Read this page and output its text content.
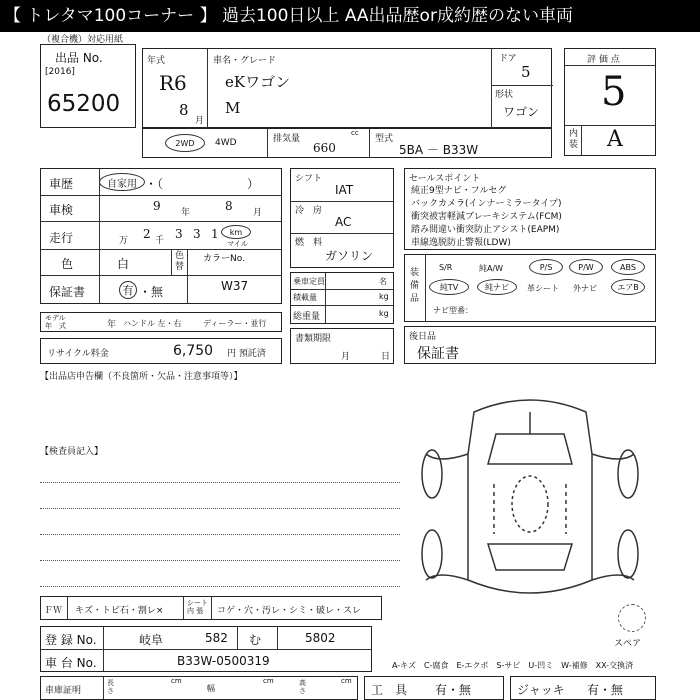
【 トレタマ100コーナー 】 過去100日以上 AA出品歴or成約歴のない車両
（複合機）対応用紙
出品 No.
[2016]
65200
年式
R6
8
月
車名・グレード
eKワゴン
M
ドア
5
形状
ワゴン
評 価 点
5
内
装 A
2WD 4WD	排気量
cc
660
型式
5BA － B33W
車歴	自家用 ・（　　　　　　　）
車検	9 年	8 月
走行	万 2 千 3 3 1 km
マイル
色	白
色
替
カラーNo.
W37
保証書	有 ・無
モデル
年　式	年 ハンドル 左・右	ディーラー・並行
リサイクル料金	6,750 円 預託済
シフト
IAT
冷　房
AC
燃　料
ガソリン
乗車定員	名
積載量	kg
総重量	kg
書類期限
月	日
セールスポイント
純正9型ナビ・フルセグ
バックカメラ(インナーミラータイプ)
衝突被害軽減ブレーキシステム(FCM)
踏み間違い衝突防止アシスト(EAPM)
車線逸脱防止警報(LDW)
装
備
品
S/R	純A/W	P/S	P/W	ABS
純TV	純ナビ 革シート 外ナビ	エアB
ナビ型番：
後日品
保証書
【出品店申告欄（不良箇所・欠品・注意事項等）】
【検査員記入】
スペア
ＦＷ キズ・トビ石・割レ×
シート
内 張	コゲ・穴・汚レ・シミ・破レ・スレ
登 録 No.	岐阜	582 む	5802
車 台 No.	B33W-0500319	A-キズ　C-腐食　E-エクボ　S-サビ　U-凹ミ　W-補修　XX-交換済
車庫証明
長
さ
cm
幅
cm	高
さ
cm
工　具 有・無	ジャッキ 有・無
